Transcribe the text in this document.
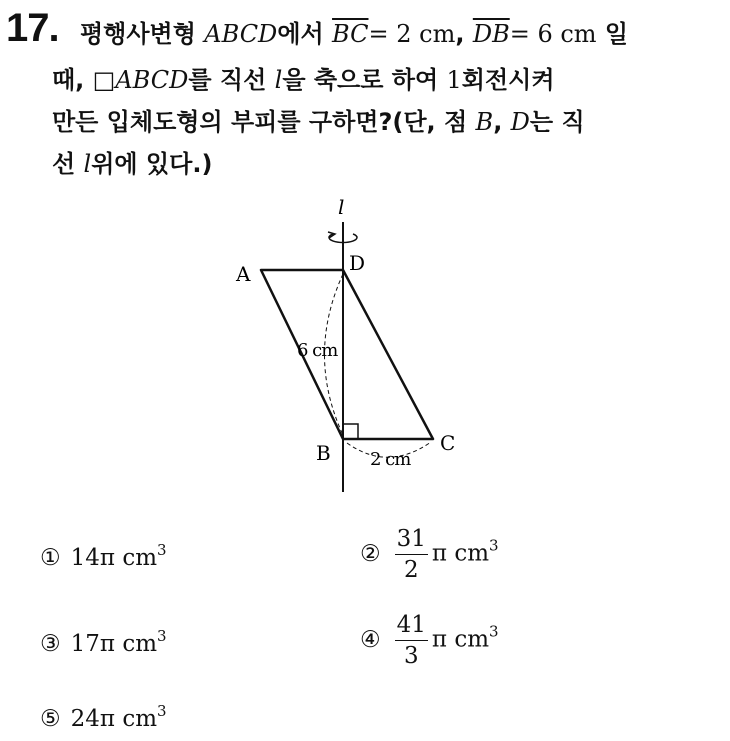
17. 평행사변형 ABCD에서 $\overline{BC}= 2$ cm, $\overline{DB}= 6$ cm 일
때, □ABCD를 직선 l을 축으로 하여 1회전시켜
만든 입체도형의 부피를 구하면?(단, 점 B, D는 직
선 l위에 있다.)
l
A	D
B	C
6 cm
2 cm
① 14π $cm^3$	② $\frac{31}{2}$ π $cm^3$
③ 17π $cm^3$	④ $\frac{41}{3}$ π $cm^3$
⑤ 24π $cm^3$
